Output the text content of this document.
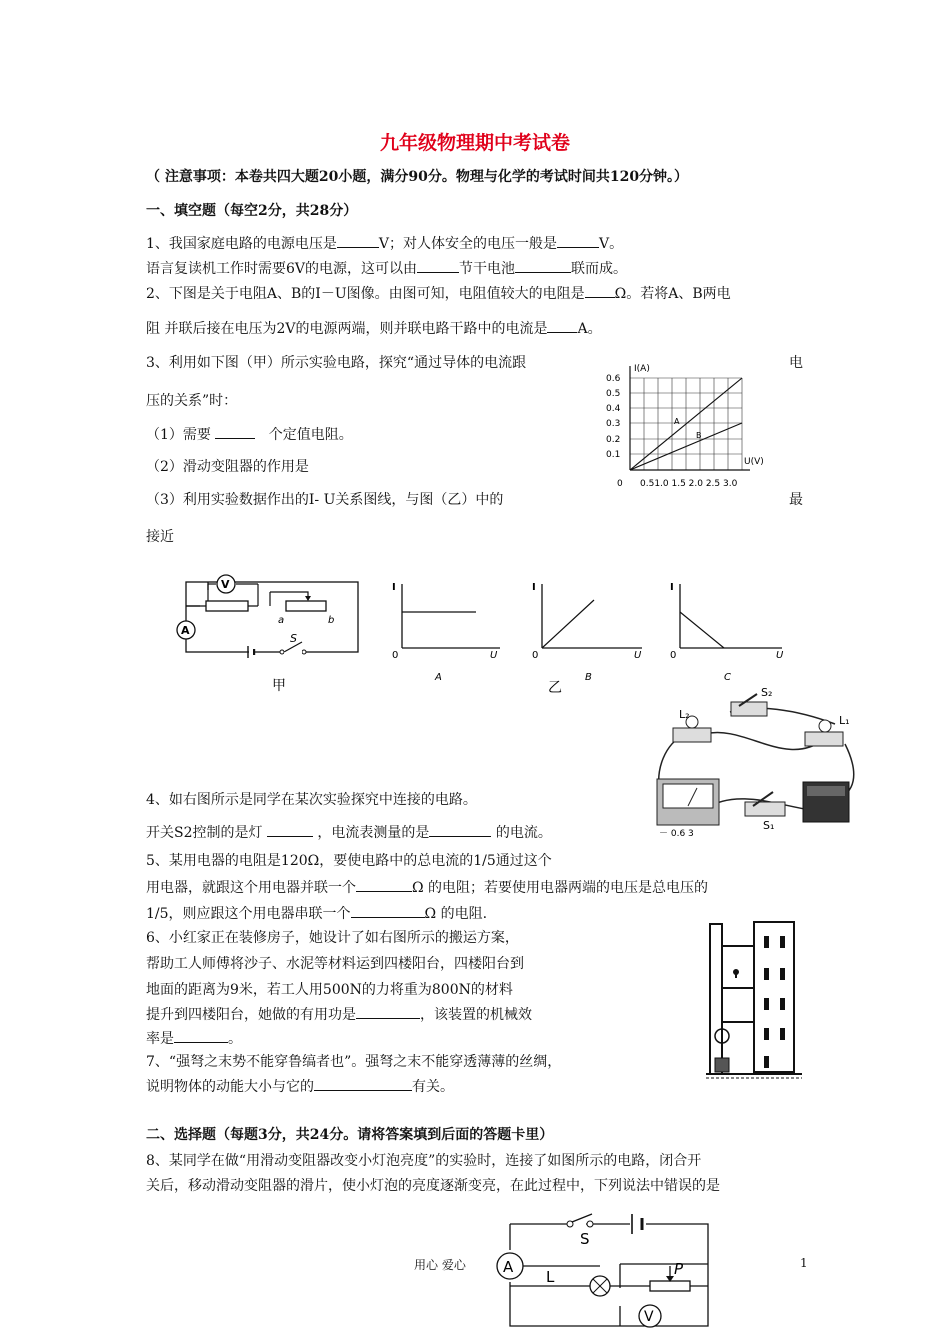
九年级物理期中考试卷
（ 注意事项：本卷共四大题20小题，满分90分。物理与化学的考试时间共120分钟。）
一、填空题（每空2分，共28分）
1、我国家庭电路的电源电压是	V；对人体安全的电压一般是	V。
语言复读机工作时需要6V的电源，这可以由	节干电池	联而成。
2、下图是关于电阻A、B的I－U图像。由图可知，电阻值较大的电阻是 Ω。若将A、B两电
阻 并联后接在电压为2V的电源两端，则并联电路干路中的电流是 A。
3、利用如下图（甲）所示实验电路，探究“通过导体的电流跟	电
压的关系”时：
（1）需要	个定值电阻。
（2）滑动变阻器的作用是
（3）利用实验数据作出的I- U关系图线，与图（乙）中的	最
接近
I(A)
U(V)
0.6
0.5
0.4
0.3
0.2
0.1
0 0.51.0 1.5 2.0 2.5 3.0
A
B
V
a	b
A
S
甲
I
U
0
A
I
U
0
B
I
U
0
C
乙
L₂
S₂
L₁
－ 0.6 3
S₁
4、如右图所示是同学在某次实验探究中连接的电路。
开关S2控制的是灯	，电流表测量的是	的电流。
5、某用电器的电阻是120Ω，要使电路中的总电流的1/5通过这个
用电器，就跟这个用电器并联一个	Ω 的电阻；若要使用电器两端的电压是总电压的
1/5，则应跟这个用电器串联一个	Ω 的电阻.
6、小红家正在装修房子，她设计了如右图所示的搬运方案，
帮助工人师傅将沙子、水泥等材料运到四楼阳台，四楼阳台到
地面的距离为9米，若工人用500N的力将重为800N的材料
提升到四楼阳台，她做的有用功是	，该装置的机械效
率是	。
7、“强弩之末势不能穿鲁缟者也”。强弩之末不能穿透薄薄的丝绸，
说明物体的动能大小与它的	有关。
二、选择题（每题3分，共24分。请将答案填到后面的答题卡里）
8、某同学在做“用滑动变阻器改变小灯泡亮度”的实验时，连接了如图所示的电路，闭合开
关后，移动滑动变阻器的滑片，使小灯泡的亮度逐渐变亮，在此过程中，下列说法中错误的是
S
A
L	P
V
用心 爱心	1
